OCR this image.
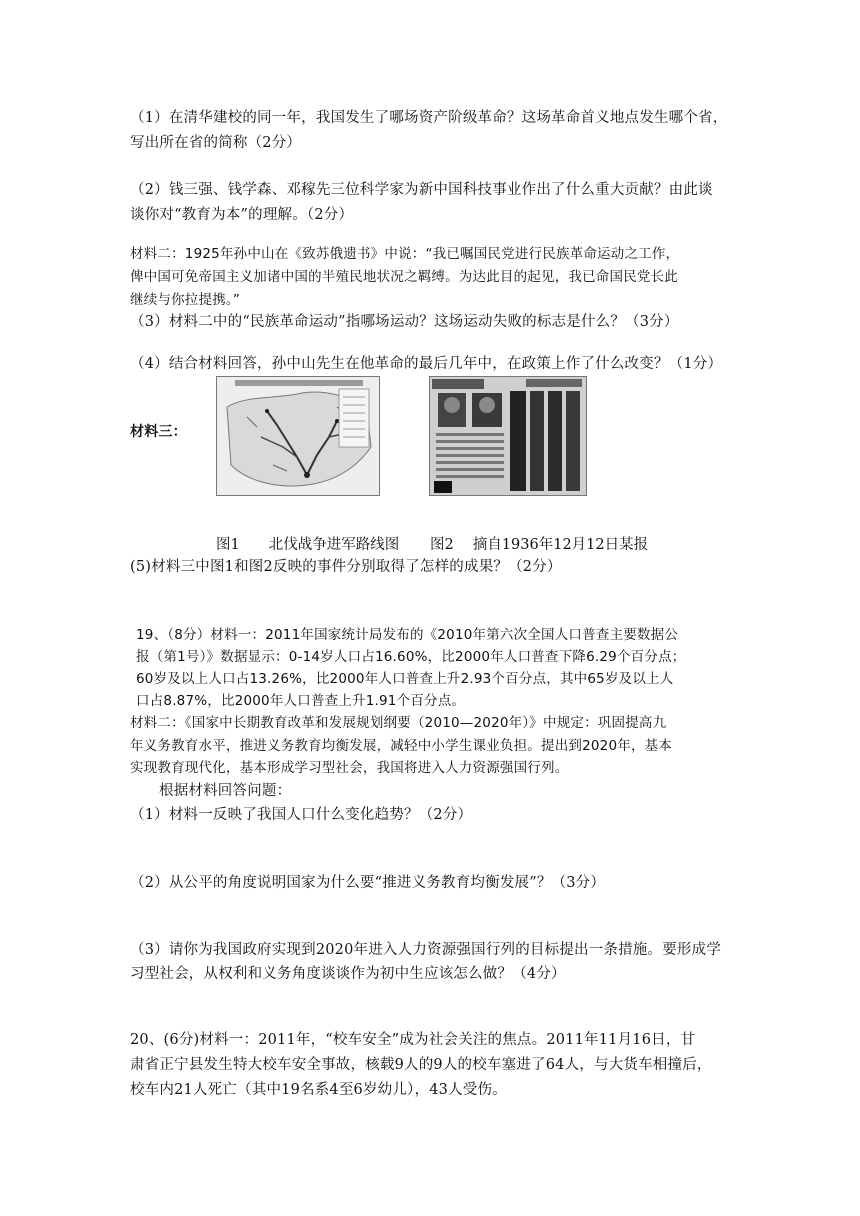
（1）在清华建校的同一年，我国发生了哪场资产阶级革命？这场革命首义地点发生哪个省，

写出所在省的简称（2分）

（2）钱三强、钱学森、邓稼先三位科学家为新中国科技事业作出了什么重大贡献？由此谈

谈你对“教育为本”的理解。（2分）

材料二：1925年孙中山在《致苏俄遗书》中说：“我已嘱国民党进行民族革命运动之工作，

俾中国可免帝国主义加诸中国的半殖民地状况之羁缚。为达此目的起见，我已命国民党长此

继续与你拉提携。”

（3）材料二中的“民族革命运动”指哪场运动？这场运动失败的标志是什么？（3分）

（4）结合材料回答，孙中山先生在他革命的最后几年中，在政策上作了什么改变？（1分）

材料三：

图1　　北伐战争进军路线图 图2　 摘自1936年12月12日某报

(5)材料三中图1和图2反映的事件分别取得了怎样的成果？（2分）

19、（8分）材料一：2011年国家统计局发布的《2010年第六次全国人口普查主要数据公

报（第1号）》数据显示：0-14岁人口占16.60%，比2000年人口普查下降6.29个百分点；

60岁及以上人口占13.26%，比2000年人口普查上升2.93个百分点，其中65岁及以上人

口占8.87%，比2000年人口普查上升1.91个百分点。

材料二：《国家中长期教育改革和发展规划纲要（2010—2020年）》中规定：巩固提高九

年义务教育水平，推进义务教育均衡发展，减轻中小学生课业负担。提出到2020年，基本

实现教育现代化，基本形成学习型社会，我国将进入人力资源强国行列。

根据材料回答问题：

（1）材料一反映了我国人口什么变化趋势？（2分）

（2）从公平的角度说明国家为什么要“推进义务教育均衡发展”？（3分）

（3）请你为我国政府实现到2020年进入人力资源强国行列的目标提出一条措施。要形成学

习型社会，从权利和义务角度谈谈作为初中生应该怎么做？（4分）

20、(6分)材料一：2011年，“校车安全”成为社会关注的焦点。2011年11月16日，甘

肃省正宁县发生特大校车安全事故，核载9人的9人的校车塞进了64人，与大货车相撞后，

校车内21人死亡（其中19名系4至6岁幼儿），43人受伤。
